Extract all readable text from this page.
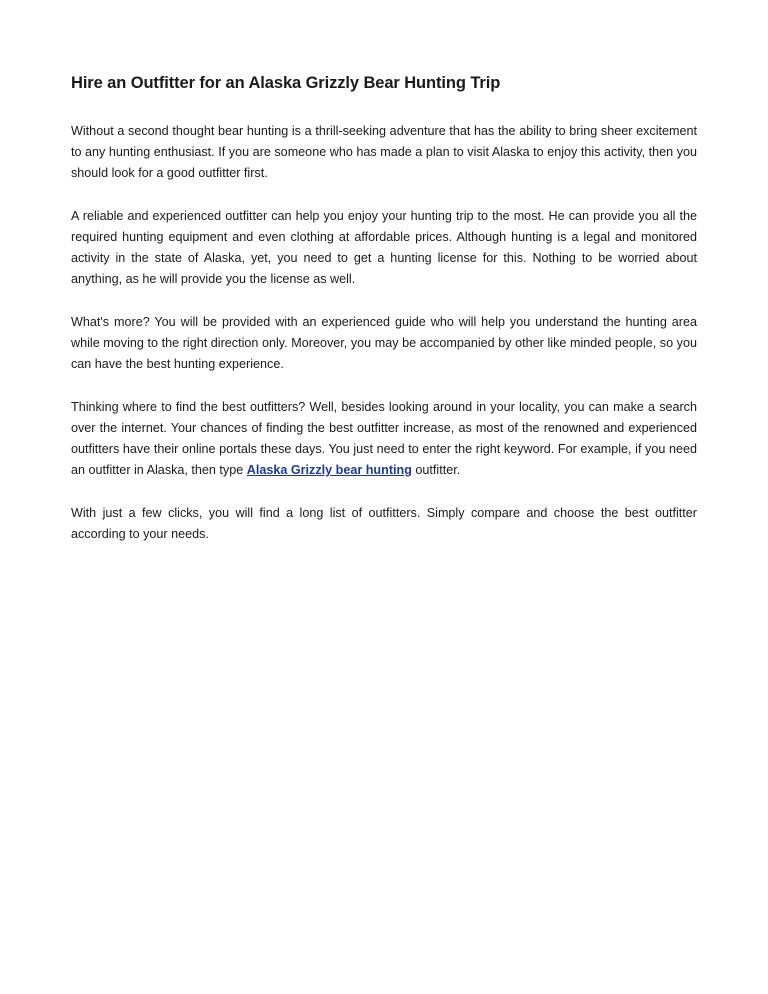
Hire an Outfitter for an Alaska Grizzly Bear Hunting Trip

Without a second thought bear hunting is a thrill-seeking adventure that has the ability to bring sheer excitement to any hunting enthusiast. If you are someone who has made a plan to visit Alaska to enjoy this activity, then you should look for a good outfitter first.

A reliable and experienced outfitter can help you enjoy your hunting trip to the most. He can provide you all the required hunting equipment and even clothing at affordable prices. Although hunting is a legal and monitored activity in the state of Alaska, yet, you need to get a hunting license for this. Nothing to be worried about anything, as he will provide you the license as well.

What's more? You will be provided with an experienced guide who will help you understand the hunting area while moving to the right direction only. Moreover, you may be accompanied by other like minded people, so you can have the best hunting experience.

Thinking where to find the best outfitters? Well, besides looking around in your locality, you can make a search over the internet. Your chances of finding the best outfitter increase, as most of the renowned and experienced outfitters have their online portals these days. You just need to enter the right keyword. For example, if you need an outfitter in Alaska, then type Alaska Grizzly bear hunting outfitter.

With just a few clicks, you will find a long list of outfitters. Simply compare and choose the best outfitter according to your needs.
